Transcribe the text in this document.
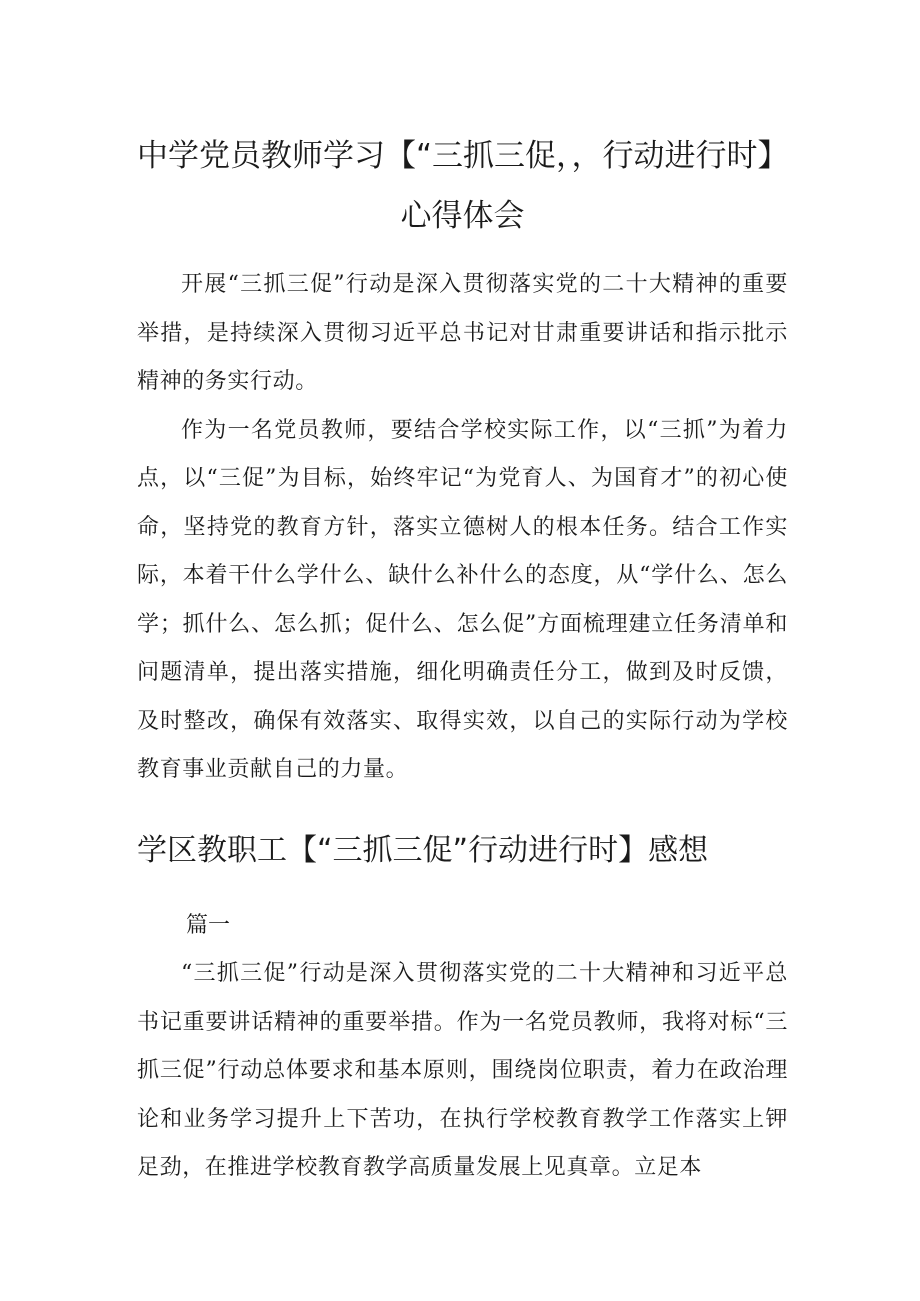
中学党员教师学习【“三抓三促，，行动进行时】
心得体会

开展“三抓三促”行动是深入贯彻落实党的二十大精神的重要举措，是持续深入贯彻习近平总书记对甘肃重要讲话和指示批示精神的务实行动。

作为一名党员教师，要结合学校实际工作，以“三抓”为着力点，以“三促”为目标，始终牢记“为党育人、为国育才”的初心使命，坚持党的教育方针，落实立德树人的根本任务。结合工作实际，本着干什么学什么、缺什么补什么的态度，从“学什么、怎么学；抓什么、怎么抓；促什么、怎么促”方面梳理建立任务清单和问题清单，提出落实措施，细化明确责任分工，做到及时反馈，及时整改，确保有效落实、取得实效，以自己的实际行动为学校教育事业贡献自己的力量。

学区教职工【“三抓三促”行动进行时】感想
篇一

“三抓三促”行动是深入贯彻落实党的二十大精神和习近平总书记重要讲话精神的重要举措。作为一名党员教师，我将对标“三抓三促”行动总体要求和基本原则，围绕岗位职责，着力在政治理论和业务学习提升上下苦功，在执行学校教育教学工作落实上钾足劲，在推进学校教育教学高质量发展上见真章。立足本
